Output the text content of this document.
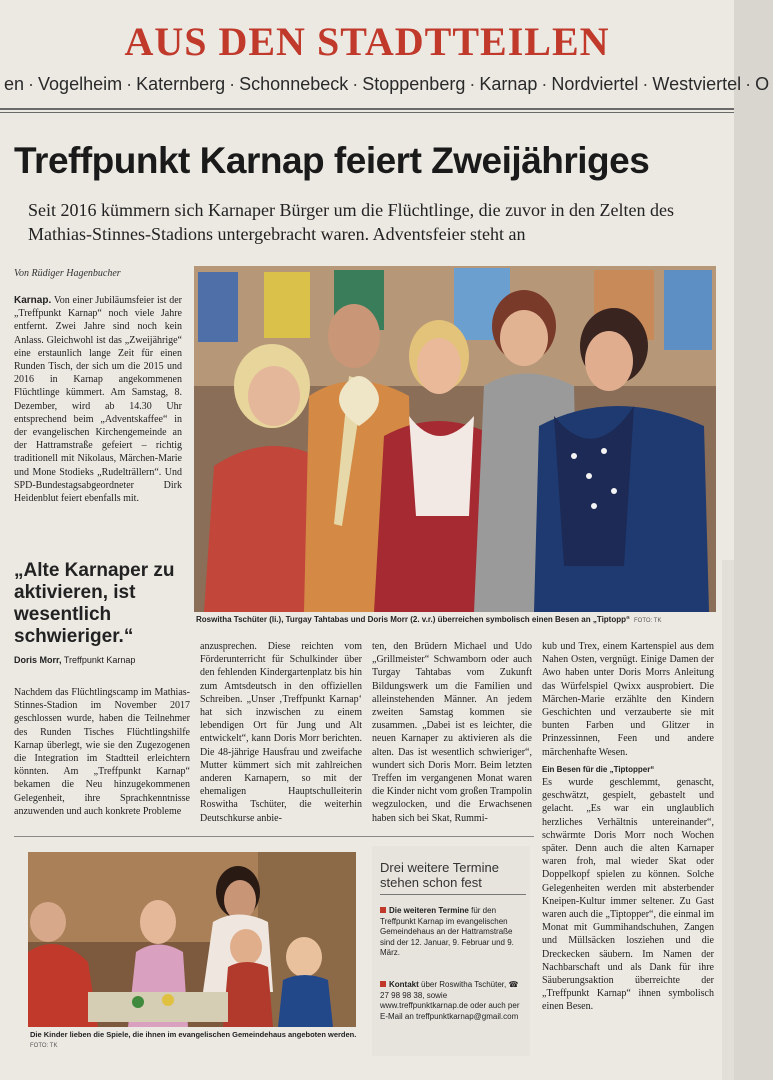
AUS DEN STADTTEILEN
en · Vogelheim · Katernberg · Schonnebeck · Stoppenberg · Karnap · Nordviertel · Westviertel · O
Treffpunkt Karnap feiert Zweijähriges
Seit 2016 kümmern sich Karnaper Bürger um die Flüchtlinge, die zuvor in den Zelten des Mathias-Stinnes-Stadions untergebracht waren. Adventsfeier steht an
Von Rüdiger Hagenbucher
Karnap. Von einer Jubiläumsfeier ist der „Treffpunkt Karnap“ noch viele Jahre entfernt. Zwei Jahre sind noch kein Anlass. Gleichwohl ist das „Zweijährige“ eine erstaunlich lange Zeit für einen Runden Tisch, der sich um die 2015 und 2016 in Karnap angekommenen Flüchtlinge kümmert. Am Samstag, 8. Dezember, wird ab 14.30 Uhr entsprechend beim „Adventskaffee“ in der evangelischen Kirchengemeinde an der Hattramstraße gefeiert – richtig traditionell mit Nikolaus, Märchen-Marie und Mone Stodieks „Rudelträllern“. Und SPD-Bundestagsabgeordneter Dirk Heidenblut feiert ebenfalls mit.
„Alte Karnaper zu aktivieren, ist wesentlich schwieriger.“
Doris Morr, Treffpunkt Karnap
Roswitha Tschüter (li.), Turgay Tahtabas und Doris Morr (2. v.r.) überreichen symbolisch einen Besen an „Tiptopp“ FOTO: TK
Nachdem das Flüchtlingscamp im Mathias-Stinnes-Stadion im November 2017 geschlossen wurde, haben die Teilnehmer des Runden Tisches Flüchtlingshilfe Karnap überlegt, wie sie den Zugezogenen die Integration im Stadtteil erleichtern könnten. Am „Treffpunkt Karnap“ bekamen die Neu hinzugekommenen Gelegenheit, ihre Sprachkenntnisse anzuwenden und auch konkrete Probleme
anzusprechen. Diese reichten vom Förderunterricht für Schulkinder über den fehlenden Kindergartenplatz bis hin zum Amtsdeutsch in den offiziellen Schreiben. „Unser ‚Treffpunkt Karnap‘ hat sich inzwischen zu einem lebendigen Ort für Jung und Alt entwickelt“, kann Doris Morr berichten. Die 48-jährige Hausfrau und zweifache Mutter kümmert sich mit zahlreichen anderen Karnapern, so mit der ehemaligen Hauptschulleiterin Roswitha Tschüter, die weiterhin Deutschkurse anbie-
ten, den Brüdern Michael und Udo „Grillmeister“ Schwamborn oder auch Turgay Tahtabas vom Zukunft Bildungswerk um die Familien und alleinstehenden Männer. An jedem zweiten Samstag kommen sie zusammen. „Dabei ist es leichter, die neuen Karnaper zu aktivieren als die alten. Das ist wesentlich schwieriger“, wundert sich Doris Morr. Beim letzten Treffen im vergangenen Monat waren die Kinder nicht vom großen Trampolin wegzulocken, und die Erwachsenen haben sich bei Skat, Rummi-
kub und Trex, einem Kartenspiel aus dem Nahen Osten, vergnügt. Einige Damen der Awo haben unter Doris Morrs Anleitung das Würfelspiel Qwixx ausprobiert. Die Märchen-Marie erzählte den Kindern Geschichten und verzauberte sie mit bunten Farben und Glitzer in Prinzessinnen, Feen und andere märchenhafte Wesen.
Ein Besen für die „Tiptopper“
Es wurde geschlemmt, genascht, geschwätzt, gespielt, gebastelt und gelacht. „Es war ein unglaublich herzliches Verhältnis untereinander“, schwärmte Doris Morr noch Wochen später. Denn auch die alten Karnaper waren froh, mal wieder Skat oder Doppelkopf spielen zu können. Solche Gelegenheiten werden mit absterbender Kneipen-Kultur immer seltener. Zu Gast waren auch die „Tiptopper“, die einmal im Monat mit Gummihandschuhen, Zangen und Müllsäcken losziehen und die Dreckecken säubern. Im Namen der Nachbarschaft und als Dank für ihre Säuberungsaktion überreichte der „Treffpunkt Karnap“ ihnen symbolisch einen Besen.
Die Kinder lieben die Spiele, die ihnen im evangelischen Gemeindehaus angeboten werden. FOTO: TK
Drei weitere Termine stehen schon fest
Die weiteren Termine für den Treffpunkt Karnap im evangelischen Gemeindehaus an der Hattramstraße sind der 12. Januar, 9. Februar und 9. März.
Kontakt über Roswitha Tschüter, ☎ 27 98 98 38, sowie www.treffpunktkarnap.de oder auch per E-Mail an treffpunktkarnap@gmail.com
